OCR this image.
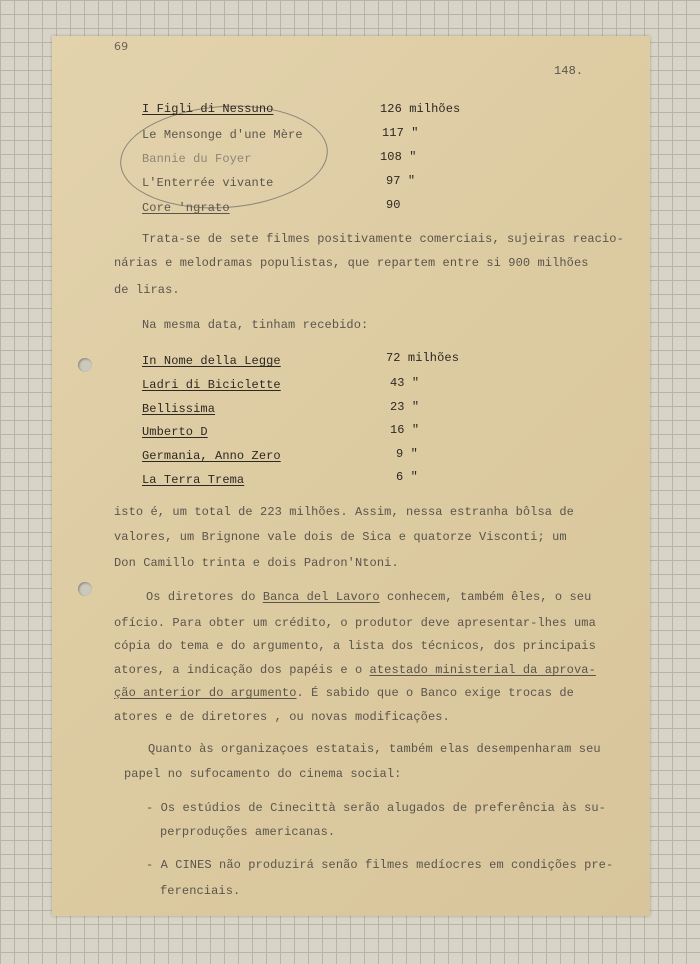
69
148.
I Figli di Nessuno	126 milhões
Le Mensonge d'une Mère	117 "
Bannie du Foyer	108 "
L'Enterrée vivante	97 "
Core 'ngrato	90
Trata-se de sete filmes positivamente comerciais, sujeiras reacio-
nárias e melodramas populistas, que repartem entre si 900 milhões
de liras.
Na mesma data, tinham recebido:
In Nome della Legge	72 milhões
Ladri di Biciclette	43 "
Bellissima	23 "
Umberto D	16 "
Germania, Anno Zero	9 "
La Terra Trema	6 "
isto é, um total de 223 milhões. Assim, nessa estranha bôlsa de
valores, um Brignone vale dois de Sica e quatorze Visconti; um
Don Camillo trinta e dois Padron'Ntoni.
Os diretores do Banca del Lavoro conhecem, também êles, o seu
ofício. Para obter um crédito, o produtor deve apresentar-lhes uma
cópia do tema e do argumento, a lista dos técnicos, dos principais
atores, a indicação dos papéis e o atestado ministerial da aprova-
ção anterior do argumento. É sabido que o Banco exige trocas de
atores e de diretores , ou novas modificações.
Quanto às organizaçoes estatais, também elas desempenharam seu
papel no sufocamento do cinema social:
- Os estúdios de Cinecittà serão alugados de preferência às su-
perproduções americanas.
- A CINES não produzirá senão filmes medíocres em condições pre-
ferenciais.
